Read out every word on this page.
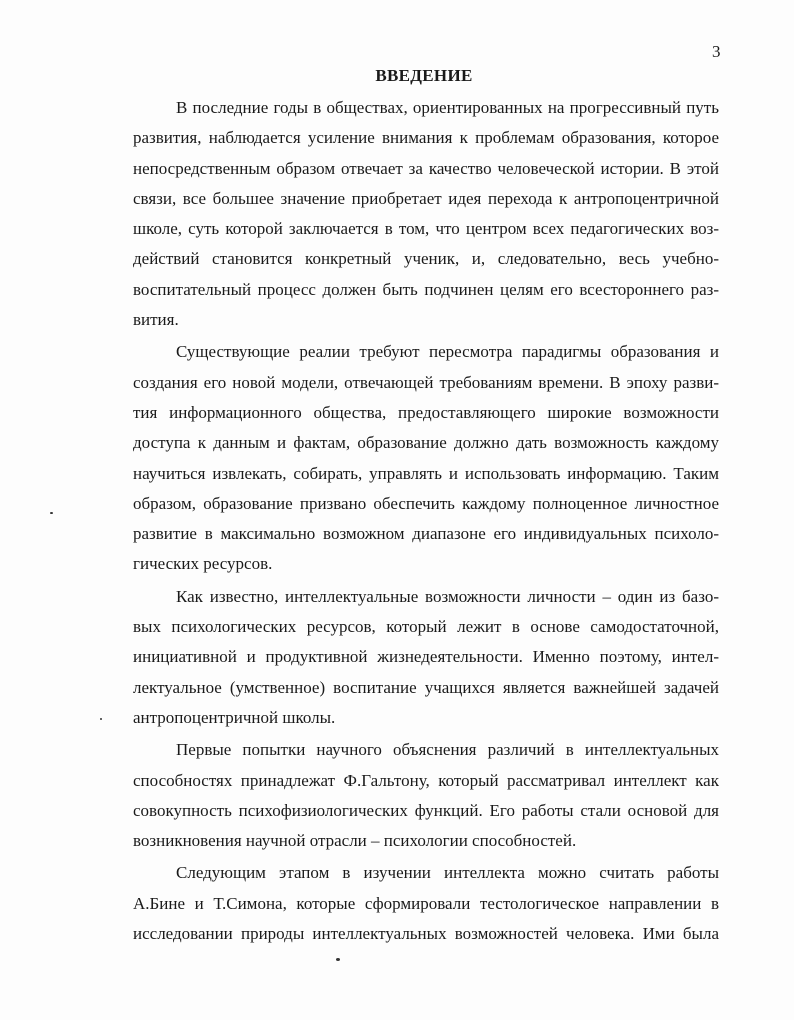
3
ВВЕДЕНИЕ
В последние годы в обществах, ориентированных на прогрессивный путь
развития, наблюдается усиление внимания к проблемам образования, которое
непосредственным образом отвечает за качество человеческой истории. В этой
связи, все большее значение приобретает идея перехода к антропоцентричной
школе, суть которой заключается в том, что центром всех педагогических воз-
действий становится конкретный ученик, и, следовательно, весь учебно-
воспитательный процесс должен быть подчинен целям его всестороннего раз-
вития.
Существующие реалии требуют пересмотра парадигмы образования и
создания его новой модели, отвечающей требованиям времени. В эпоху разви-
тия информационного общества, предоставляющего широкие возможности
доступа к данным и фактам, образование должно дать возможность каждому
научиться извлекать, собирать, управлять и использовать информацию. Таким
образом, образование призвано обеспечить каждому полноценное личностное
развитие в максимально возможном диапазоне его индивидуальных психоло-
гических ресурсов.
Как известно, интеллектуальные возможности личности – один из базо-
вых психологических ресурсов, который лежит в основе самодостаточной,
инициативной и продуктивной жизнедеятельности. Именно поэтому, интел-
лектуальное (умственное) воспитание учащихся является важнейшей задачей
антропоцентричной школы.
Первые попытки научного объяснения различий в интеллектуальных
способностях принадлежат Ф.Гальтону, который рассматривал интеллект как
совокупность психофизиологических функций. Его работы стали основой для
возникновения научной отрасли – психологии способностей.
Следующим этапом в изучении интеллекта можно считать работы
А.Бине и Т.Симона, которые сформировали тестологическое направлении в
исследовании природы интеллектуальных возможностей человека. Ими была
